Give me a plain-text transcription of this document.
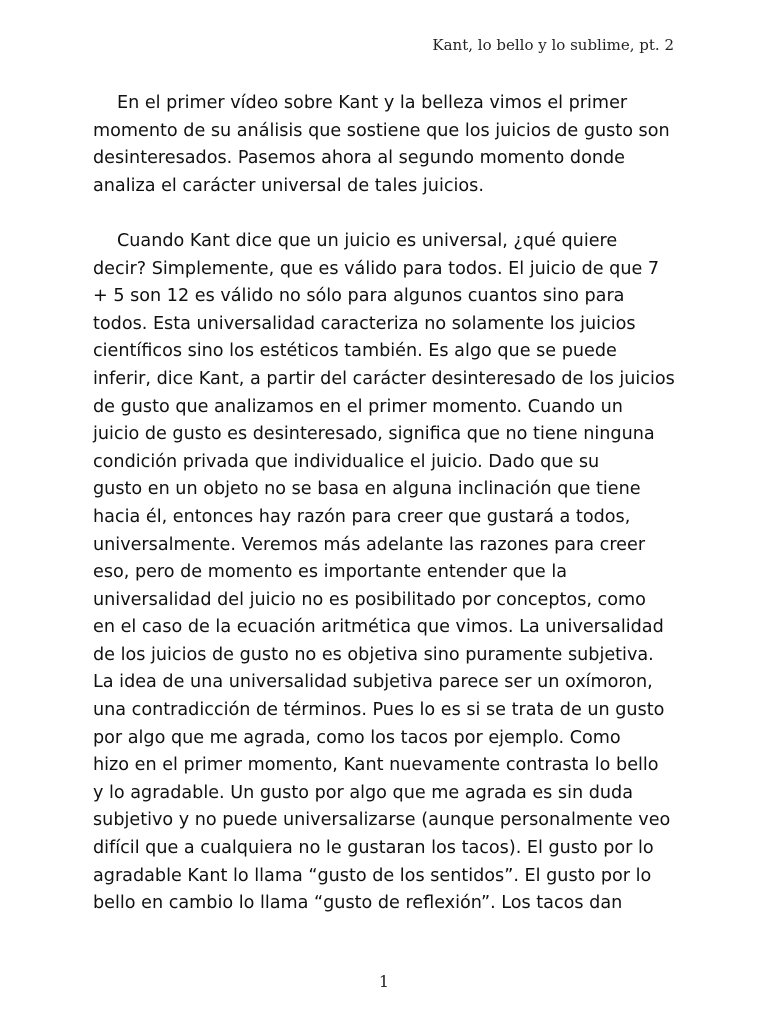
Kant, lo bello y lo sublime, pt. 2
En el primer vídeo sobre Kant y la belleza vimos el primer
momento de su análisis que sostiene que los juicios de gusto son
desinteresados. Pasemos ahora al segundo momento donde
analiza el carácter universal de tales juicios.
Cuando Kant dice que un juicio es universal, ¿qué quiere
decir? Simplemente, que es válido para todos. El juicio de que 7
+ 5 son 12 es válido no sólo para algunos cuantos sino para
todos. Esta universalidad caracteriza no solamente los juicios
científicos sino los estéticos también. Es algo que se puede
inferir, dice Kant, a partir del carácter desinteresado de los juicios
de gusto que analizamos en el primer momento. Cuando un
juicio de gusto es desinteresado, significa que no tiene ninguna
condición privada que individualice el juicio. Dado que su
gusto en un objeto no se basa en alguna inclinación que tiene
hacia él, entonces hay razón para creer que gustará a todos,
universalmente. Veremos más adelante las razones para creer
eso, pero de momento es importante entender que la
universalidad del juicio no es posibilitado por conceptos, como
en el caso de la ecuación aritmética que vimos. La universalidad
de los juicios de gusto no es objetiva sino puramente subjetiva.
La idea de una universalidad subjetiva parece ser un oxímoron,
una contradicción de términos. Pues lo es si se trata de un gusto
por algo que me agrada, como los tacos por ejemplo. Como
hizo en el primer momento, Kant nuevamente contrasta lo bello
y lo agradable. Un gusto por algo que me agrada es sin duda
subjetivo y no puede universalizarse (aunque personalmente veo
difícil que a cualquiera no le gustaran los tacos). El gusto por lo
agradable Kant lo llama “gusto de los sentidos”. El gusto por lo
bello en cambio lo llama “gusto de reflexión”. Los tacos dan
1
